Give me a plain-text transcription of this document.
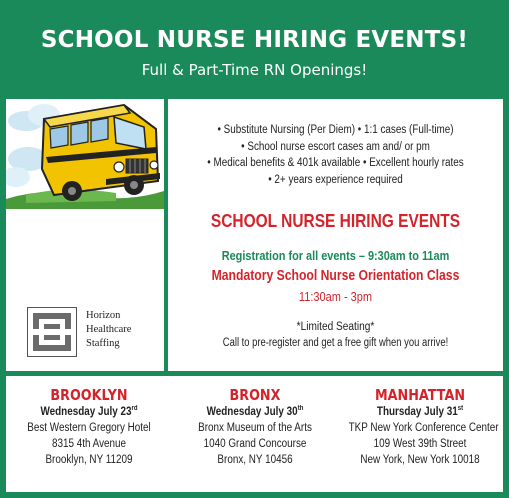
SCHOOL NURSE HIRING EVENTS!
Full & Part-Time RN Openings!
Horizon
Healthcare
Staffing
• Substitute Nursing (Per Diem) • 1:1 cases (Full-time)
• School nurse escort cases am and/ or pm
• Medical benefits & 401k available • Excellent hourly rates
• 2+ years experience required
SCHOOL NURSE HIRING EVENTS
Registration for all events – 9:30am to 11am
Mandatory School Nurse Orientation Class
11:30am - 3pm
*Limited Seating*
Call to pre-register and get a free gift when you arrive!
BROOKLYN
Wednesday July 23rd
Best Western Gregory Hotel
8315 4th Avenue
Brooklyn, NY 11209
BRONX
Wednesday July 30th
Bronx Museum of the Arts
1040 Grand Concourse
Bronx, NY 10456
MANHATTAN
Thursday July 31st
TKP New York Conference Center
109 West 39th Street
New York, New York 10018
